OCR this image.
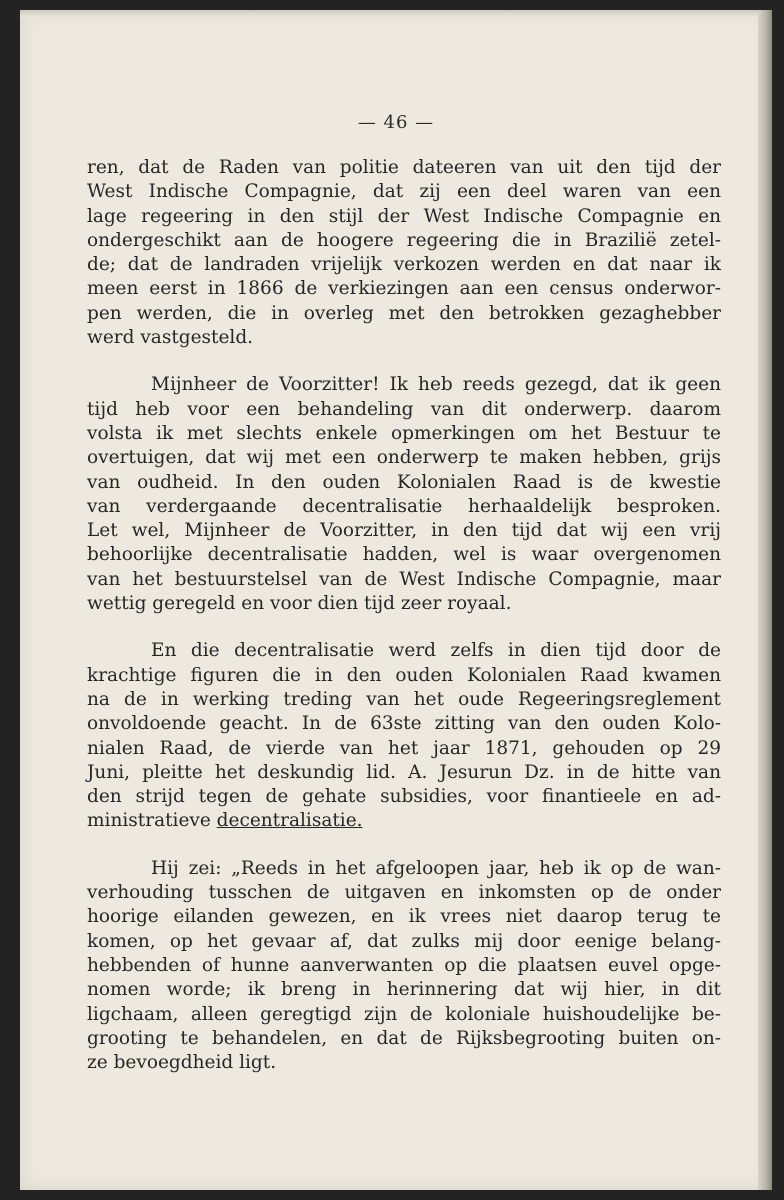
— 46 —

ren, dat de Raden van politie dateeren van uit den tijd der
West Indische Compagnie, dat zij een deel waren van een
lage regeering in den stijl der West Indische Compagnie en
ondergeschikt aan de hoogere regeering die in Brazilië zetel-
de; dat de landraden vrijelijk verkozen werden en dat naar ik
meen eerst in 1866 de verkiezingen aan een census onderwor-
pen werden, die in overleg met den betrokken gezaghebber
werd vastgesteld.

Mijnheer de Voorzitter! Ik heb reeds gezegd, dat ik geen
tijd heb voor een behandeling van dit onderwerp. daarom
volsta ik met slechts enkele opmerkingen om het Bestuur te
overtuigen, dat wij met een onderwerp te maken hebben, grijs
van oudheid. In den ouden Kolonialen Raad is de kwestie
van verdergaande decentralisatie herhaaldelijk besproken.
Let wel, Mijnheer de Voorzitter, in den tijd dat wij een vrij
behoorlijke decentralisatie hadden, wel is waar overgenomen
van het bestuurstelsel van de West Indische Compagnie, maar
wettig geregeld en voor dien tijd zeer royaal.

En die decentralisatie werd zelfs in dien tijd door de
krachtige figuren die in den ouden Kolonialen Raad kwamen
na de in werking treding van het oude Regeeringsreglement
onvoldoende geacht. In de 63ste zitting van den ouden Kolo-
nialen Raad, de vierde van het jaar 1871, gehouden op 29
Juni, pleitte het deskundig lid. A. Jesurun Dz. in de hitte van
den strijd tegen de gehate subsidies, voor finantieele en ad-
ministratieve decentralisatie.

Hij zei: „Reeds in het afgeloopen jaar, heb ik op de wan-
verhouding tusschen de uitgaven en inkomsten op de onder
hoorige eilanden gewezen, en ik vrees niet daarop terug te
komen, op het gevaar af, dat zulks mij door eenige belang-
hebbenden of hunne aanverwanten op die plaatsen euvel opge-
nomen worde; ik breng in herinnering dat wij hier, in dit
ligchaam, alleen geregtigd zijn de koloniale huishoudelijke be-
grooting te behandelen, en dat de Rijksbegrooting buiten on-
ze bevoegdheid ligt.
